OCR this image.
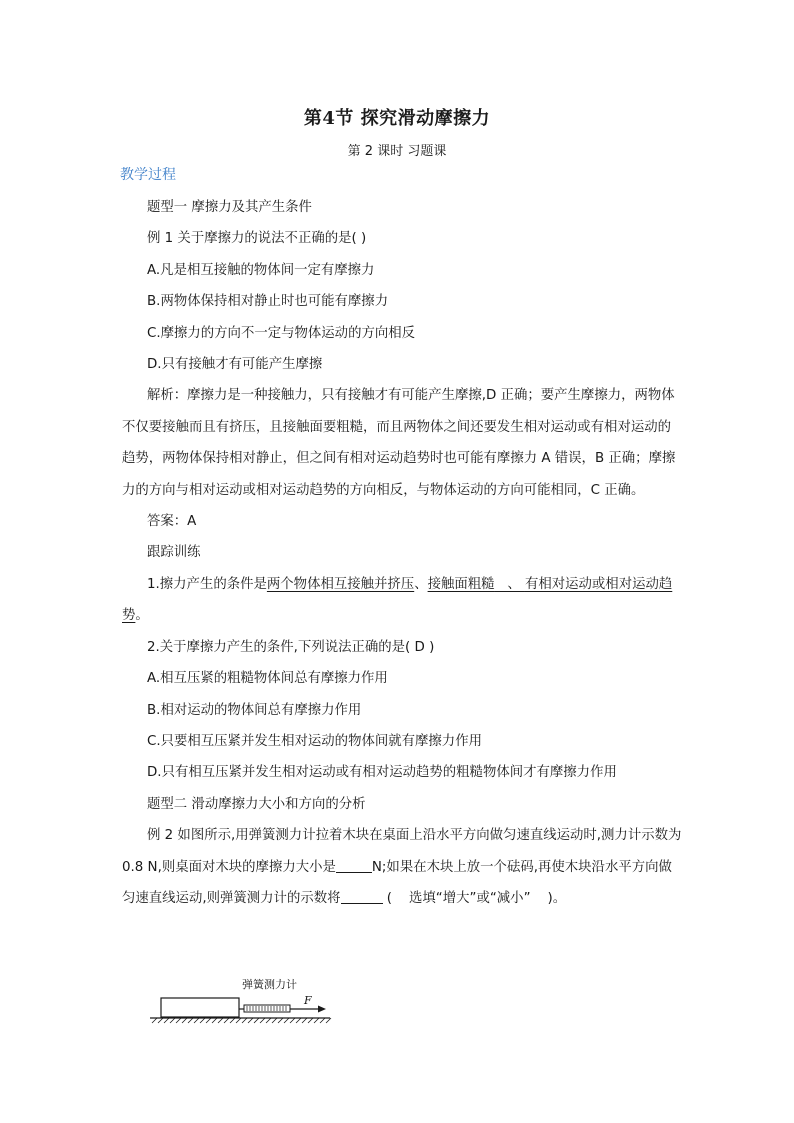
第4节 探究滑动摩擦力
第 2 课时 习题课
教学过程

题型一 摩擦力及其产生条件

例 1 关于摩擦力的说法不正确的是( )

A.凡是相互接触的物体间一定有摩擦力

B.两物体保持相对静止时也可能有摩擦力

C.摩擦力的方向不一定与物体运动的方向相反

D.只有接触才有可能产生摩擦

解析：摩擦力是一种接触力，只有接触才有可能产生摩擦,D 正确；要产生摩擦力，两物体不仅要接触而且有挤压，且接触面要粗糙，而且两物体之间还要发生相对运动或有相对运动的趋势，两物体保持相对静止，但之间有相对运动趋势时也可能有摩擦力 A 错误，B 正确；摩擦力的方向与相对运动或相对运动趋势的方向相反，与物体运动的方向可能相同，C 正确。

答案：A

跟踪训练

1.擦力产生的条件是两个物体相互接触并挤压、接触面粗糙   、 有相对运动或相对运动趋势。

2.关于摩擦力产生的条件,下列说法正确的是( D )

A.相互压紧的粗糙物体间总有摩擦力作用

B.相对运动的物体间总有摩擦力作用

C.只要相互压紧并发生相对运动的物体间就有摩擦力作用

D.只有相互压紧并发生相对运动或有相对运动趋势的粗糙物体间才有摩擦力作用

题型二 滑动摩擦力大小和方向的分析

例 2 如图所示,用弹簧测力计拉着木块在桌面上沿水平方向做匀速直线运动时,测力计示数为 0.8 N,则桌面对木块的摩擦力大小是	N;如果在木块上放一个砝码,再使木块沿水平方向做匀速直线运动,则弹簧测力计的示数将	(    选填“增大”或“减小”    )。

弹簧测力计
F
